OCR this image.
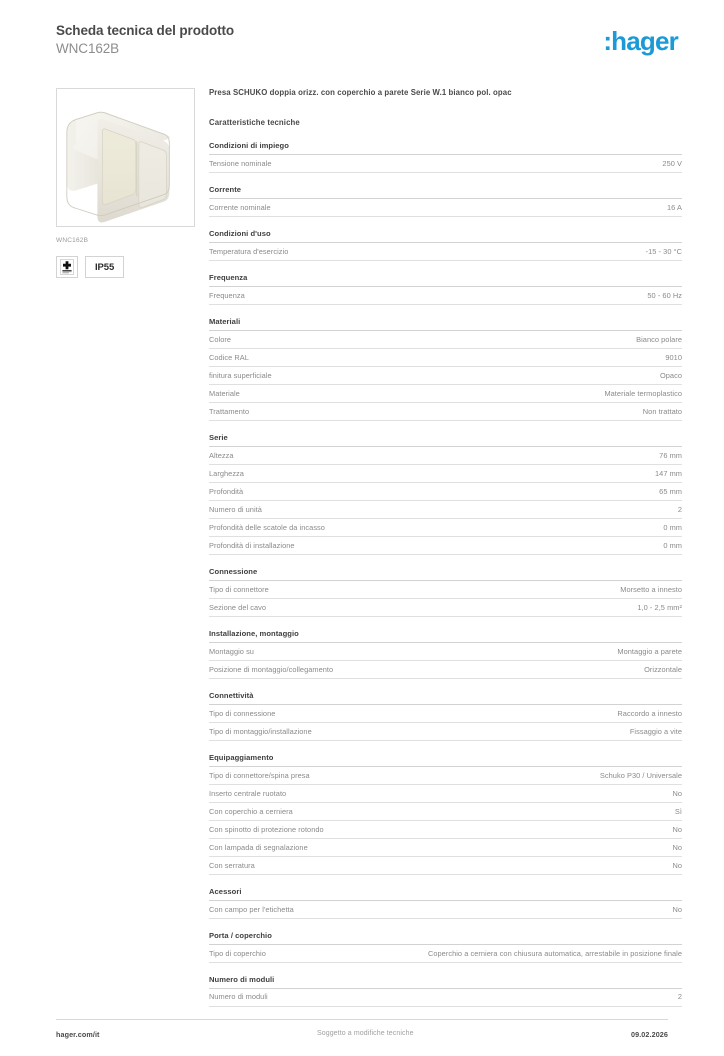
Scheda tecnica del prodotto
WNC162B	:hager
WNC162B
IP55
Presa SCHUKO doppia orizz. con coperchio a parete Serie W.1 bianco pol. opac
Caratteristiche tecniche
Condizioni di impiego
Tensione nominale	250 V
Corrente
Corrente nominale	16 A
Condizioni d'uso
Temperatura d'esercizio	-15 - 30 °C
Frequenza
Frequenza	50 - 60 Hz
Materiali
Colore	Bianco polare
Codice RAL	9010
finitura superficiale	Opaco
Materiale	Materiale termoplastico
Trattamento	Non trattato
Serie
Altezza	76 mm
Larghezza	147 mm
Profondità	65 mm
Numero di unità	2
Profondità delle scatole da incasso	0 mm
Profondità di installazione	0 mm
Connessione
Tipo di connettore	Morsetto a innesto
Sezione del cavo	1,0 - 2,5 mm²
Installazione, montaggio
Montaggio su	Montaggio a parete
Posizione di montaggio/collegamento	Orizzontale
Connettività
Tipo di connessione	Raccordo a innesto
Tipo di montaggio/installazione	Fissaggio a vite
Equipaggiamento
Tipo di connettore/spina presa	Schuko P30 / Universale
Inserto centrale ruotato	No
Con coperchio a cerniera	Sì
Con spinotto di protezione rotondo	No
Con lampada di segnalazione	No
Con serratura	No
Acessori
Con campo per l'etichetta	No
Porta / coperchio
Tipo di coperchio	Coperchio a cerniera con chiusura automatica, arrestabile in posizione finale
Numero di moduli
Numero di moduli	2
hager.com/it	Soggetto a modifiche tecniche	09.02.2026
